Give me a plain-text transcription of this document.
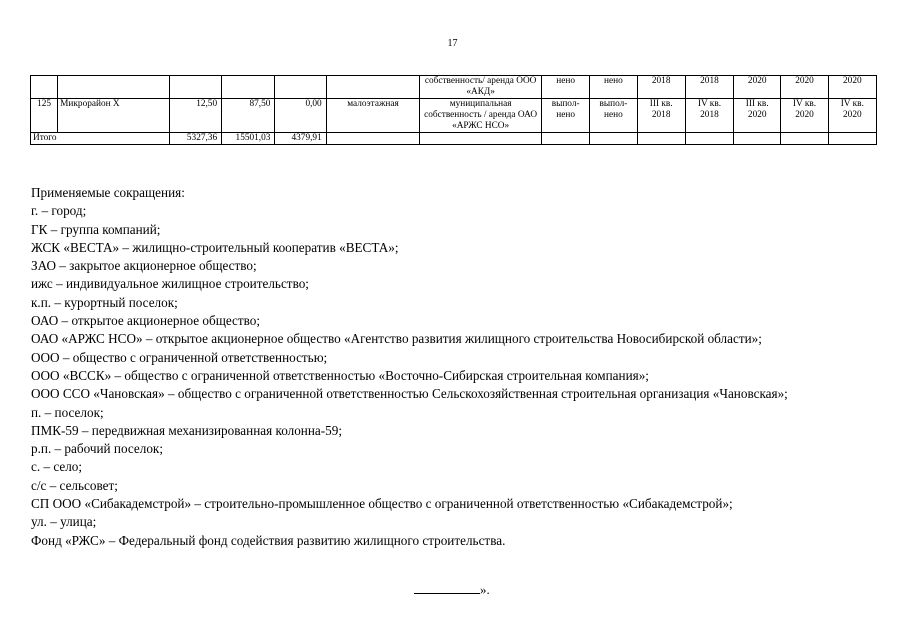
17
						собственность/ аренда ООО «АКД»	нено	нено	2018	2018	2020	2020	2020
125	Микрорайон X	12,50	87,50	0,00	малоэтажная	муниципальная собственность / аренда ОАО «АРЖС НСО»	выпол-нено	выпол-нено	III кв. 2018	IV кв. 2018	III кв. 2020	IV кв. 2020	IV кв. 2020
Итого		5327,36	15501,03	4379,91									
Применяемые сокращения:
г. – город;
ГК – группа компаний;
ЖСК «ВЕСТА» – жилищно-строительный кооператив «ВЕСТА»;
ЗАО – закрытое акционерное общество;
ижс – индивидуальное жилищное строительство;
к.п. – курортный поселок;
ОАО – открытое акционерное общество;
ОАО «АРЖС НСО» – открытое акционерное общество «Агентство развития жилищного строительства Новосибирской области»;
ООО – общество с ограниченной ответственностью;
ООО «ВССК» – общество с ограниченной ответственностью «Восточно-Сибирская строительная компания»;
ООО ССО «Чановская» – общество с ограниченной ответственностью Сельскохозяйственная строительная организация «Чановская»;
п. – поселок;
ПМК-59 – передвижная механизированная колонна-59;
р.п. – рабочий поселок;
с. – село;
с/с – сельсовет;
СП ООО «Сибакадемстрой» – строительно-промышленное общество с ограниченной ответственностью «Сибакадемстрой»;
ул. – улица;
Фонд «РЖС» – Федеральный фонд содействия развитию жилищного строительства.
».
